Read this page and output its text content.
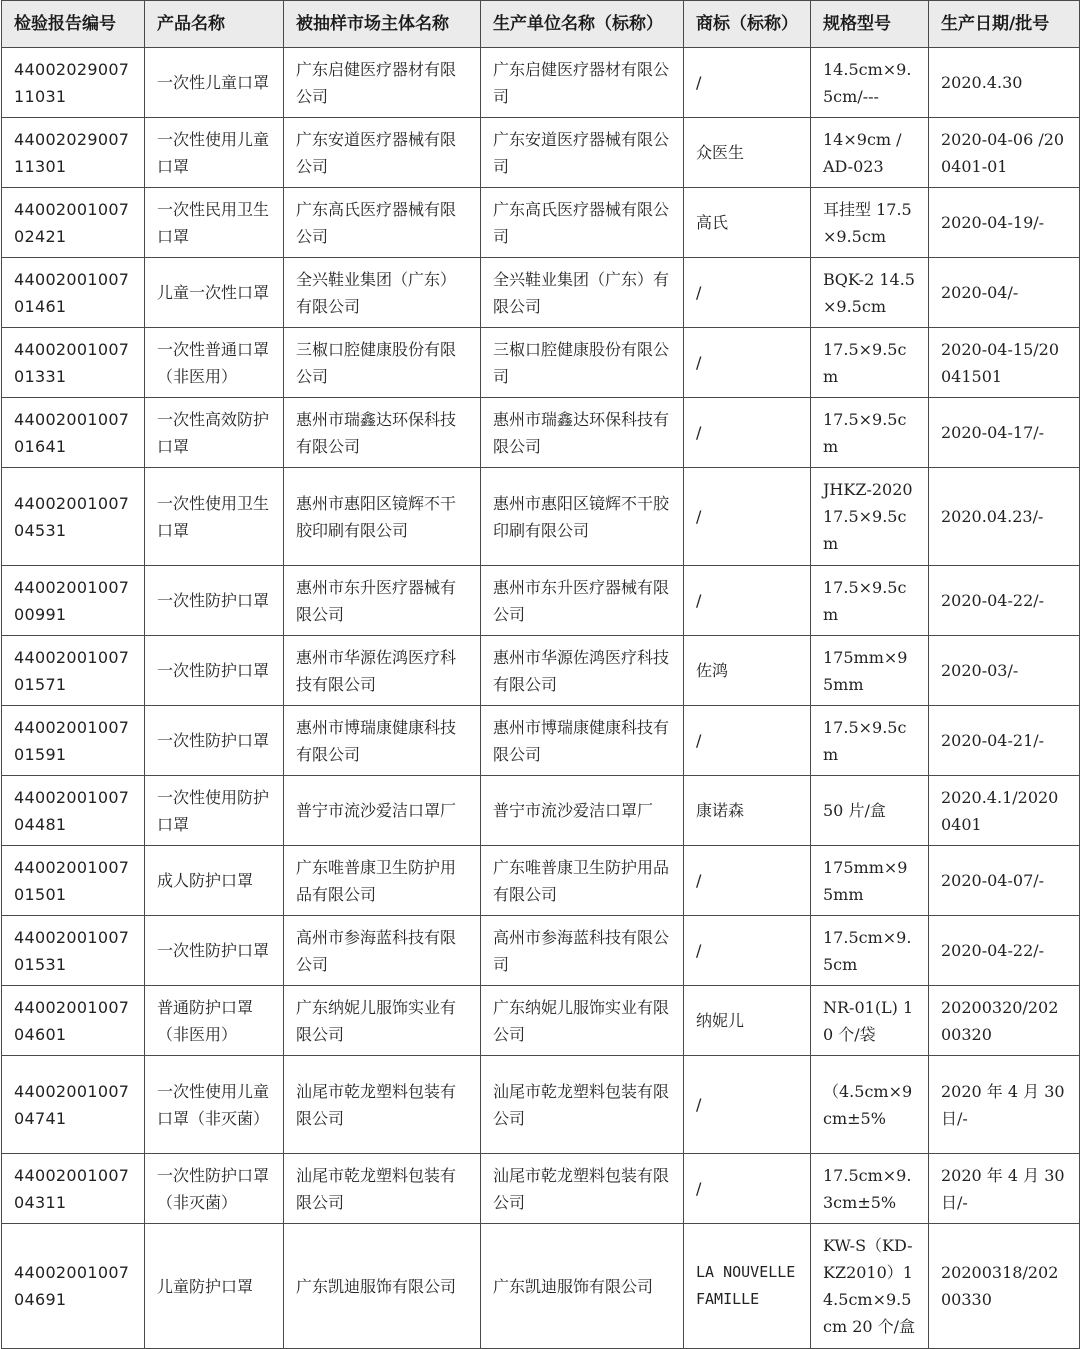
检验报告编号	产品名称	被抽样市场主体名称	生产单位名称（标称）	商标（标称）	规格型号	生产日期/批号
4400202900711031	一次性儿童口罩	广东启健医疗器材有限公司	广东启健医疗器材有限公司	/	14.5cm×9.5cm/---	2020.4.30
4400202900711301	一次性使用儿童口罩	广东安道医疗器械有限公司	广东安道医疗器械有限公司	众医生	14×9cm / AD-023	2020-04-06 /200401-01
4400200100702421	一次性民用卫生口罩	广东高氏医疗器械有限公司	广东高氏医疗器械有限公司	高氏	耳挂型 17.5×9.5cm	2020-04-19/-
4400200100701461	儿童一次性口罩	全兴鞋业集团（广东）有限公司	全兴鞋业集团（广东）有限公司	/	BQK-2 14.5×9.5cm	2020-04/-
4400200100701331	一次性普通口罩（非医用）	三椒口腔健康股份有限公司	三椒口腔健康股份有限公司	/	17.5×9.5cm	2020-04-15/20041501
4400200100701641	一次性高效防护口罩	惠州市瑞鑫达环保科技有限公司	惠州市瑞鑫达环保科技有限公司	/	17.5×9.5cm	2020-04-17/-
4400200100704531	一次性使用卫生口罩	惠州市惠阳区镜辉不干胶印刷有限公司	惠州市惠阳区镜辉不干胶印刷有限公司	/	JHKZ-2020 17.5×9.5cm	2020.04.23/-
4400200100700991	一次性防护口罩	惠州市东升医疗器械有限公司	惠州市东升医疗器械有限公司	/	17.5×9.5cm	2020-04-22/-
4400200100701571	一次性防护口罩	惠州市华源佐鸿医疗科技有限公司	惠州市华源佐鸿医疗科技有限公司	佐鸿	175mm×95mm	2020-03/-
4400200100701591	一次性防护口罩	惠州市博瑞康健康科技有限公司	惠州市博瑞康健康科技有限公司	/	17.5×9.5cm	2020-04-21/-
4400200100704481	一次性使用防护口罩	普宁市流沙爱洁口罩厂	普宁市流沙爱洁口罩厂	康诺森	50 片/盒	2020.4.1/20200401
4400200100701501	成人防护口罩	广东唯普康卫生防护用品有限公司	广东唯普康卫生防护用品有限公司	/	175mm×95mm	2020-04-07/-
4400200100701531	一次性防护口罩	高州市参海蓝科技有限公司	高州市参海蓝科技有限公司	/	17.5cm×9.5cm	2020-04-22/-
4400200100704601	普通防护口罩（非医用）	广东纳妮儿服饰实业有限公司	广东纳妮儿服饰实业有限公司	纳妮儿	NR-01(L) 10 个/袋	20200320/20200320
4400200100704741	一次性使用儿童口罩（非灭菌）	汕尾市乾龙塑料包装有限公司	汕尾市乾龙塑料包装有限公司	/	（4.5cm×9cm±5%	2020 年 4 月 30 日/-
4400200100704311	一次性防护口罩（非灭菌）	汕尾市乾龙塑料包装有限公司	汕尾市乾龙塑料包装有限公司	/	17.5cm×9.3cm±5%	2020 年 4 月 30 日/-
4400200100704691	儿童防护口罩	广东凯迪服饰有限公司	广东凯迪服饰有限公司	LA NOUVELLE FAMILLE	KW-S（KD-KZ2010）14.5cm×9.5cm 20 个/盒	20200318/20200330
